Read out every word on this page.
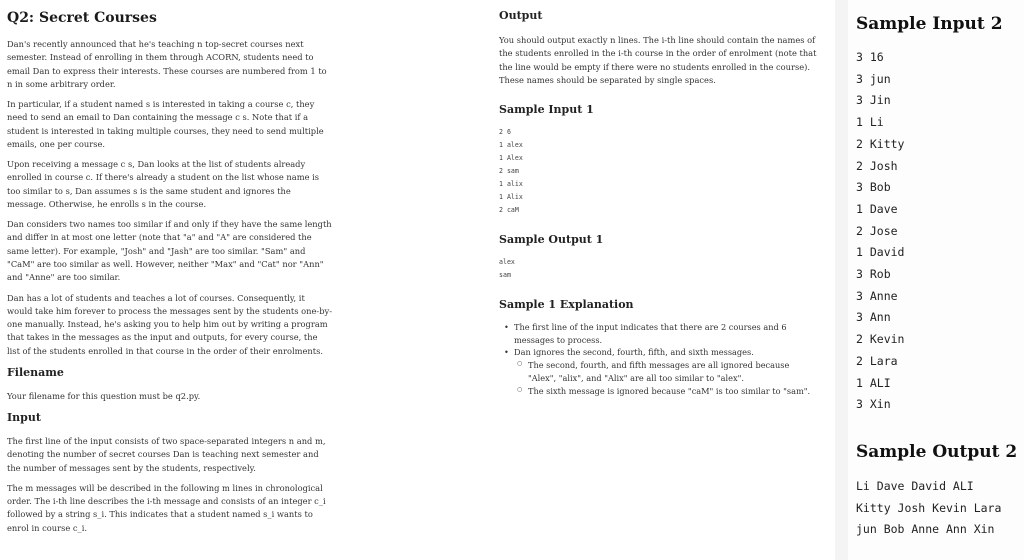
Q2: Secret Courses

Dan's recently announced that he's teaching n top-secret courses next semester. Instead of enrolling in them through ACORN, students need to email Dan to express their interests. These courses are numbered from 1 to n in some arbitrary order.

In particular, if a student named s is interested in taking a course c, they need to send an email to Dan containing the message c s. Note that if a student is interested in taking multiple courses, they need to send multiple emails, one per course.

Upon receiving a message c s, Dan looks at the list of students already enrolled in course c. If there's already a student on the list whose name is too similar to s, Dan assumes s is the same student and ignores the message. Otherwise, he enrolls s in the course.

Dan considers two names too similar if and only if they have the same length and differ in at most one letter (note that "a" and "A" are considered the same letter). For example, "Josh" and "Jash" are too similar. "Sam" and "CaM" are too similar as well. However, neither "Max" and "Cat" nor "Ann" and "Anne" are too similar.

Dan has a lot of students and teaches a lot of courses. Consequently, it would take him forever to process the messages sent by the students one-by-one manually. Instead, he's asking you to help him out by writing a program that takes in the messages as the input and outputs, for every course, the list of the students enrolled in that course in the order of their enrolments.

Filename

Your filename for this question must be q2.py.

Input

The first line of the input consists of two space-separated integers n and m, denoting the number of secret courses Dan is teaching next semester and the number of messages sent by the students, respectively.

The m messages will be described in the following m lines in chronological order. The i-th line describes the i-th message and consists of an integer c_i followed by a string s_i. This indicates that a student named s_i wants to enrol in course c_i.

Output

You should output exactly n lines. The i-th line should contain the names of the students enrolled in the i-th course in the order of enrolment (note that the line would be empty if there were no students enrolled in the course). These names should be separated by single spaces.

Sample Input 1
2 6
1 alex
1 Alex
2 sam
1 alix
1 Alix
2 caM
Sample Output 1
alex
sam
Sample 1 Explanation
• The first line of the input indicates that there are 2 courses and 6 messages to process.
• Dan ignores the second, fourth, fifth, and sixth messages.
○ The second, fourth, and fifth messages are all ignored because "Alex", "alix", and "Alix" are all too similar to "alex".
○ The sixth message is ignored because "caM" is too similar to "sam".
Sample Input 2
3 16
3 jun
3 Jin
1 Li
2 Kitty
2 Josh
3 Bob
1 Dave
2 Jose
1 David
3 Rob
3 Anne
3 Ann
2 Kevin
2 Lara
1 ALI
3 Xin
Sample Output 2
Li Dave David ALI
Kitty Josh Kevin Lara
jun Bob Anne Ann Xin
